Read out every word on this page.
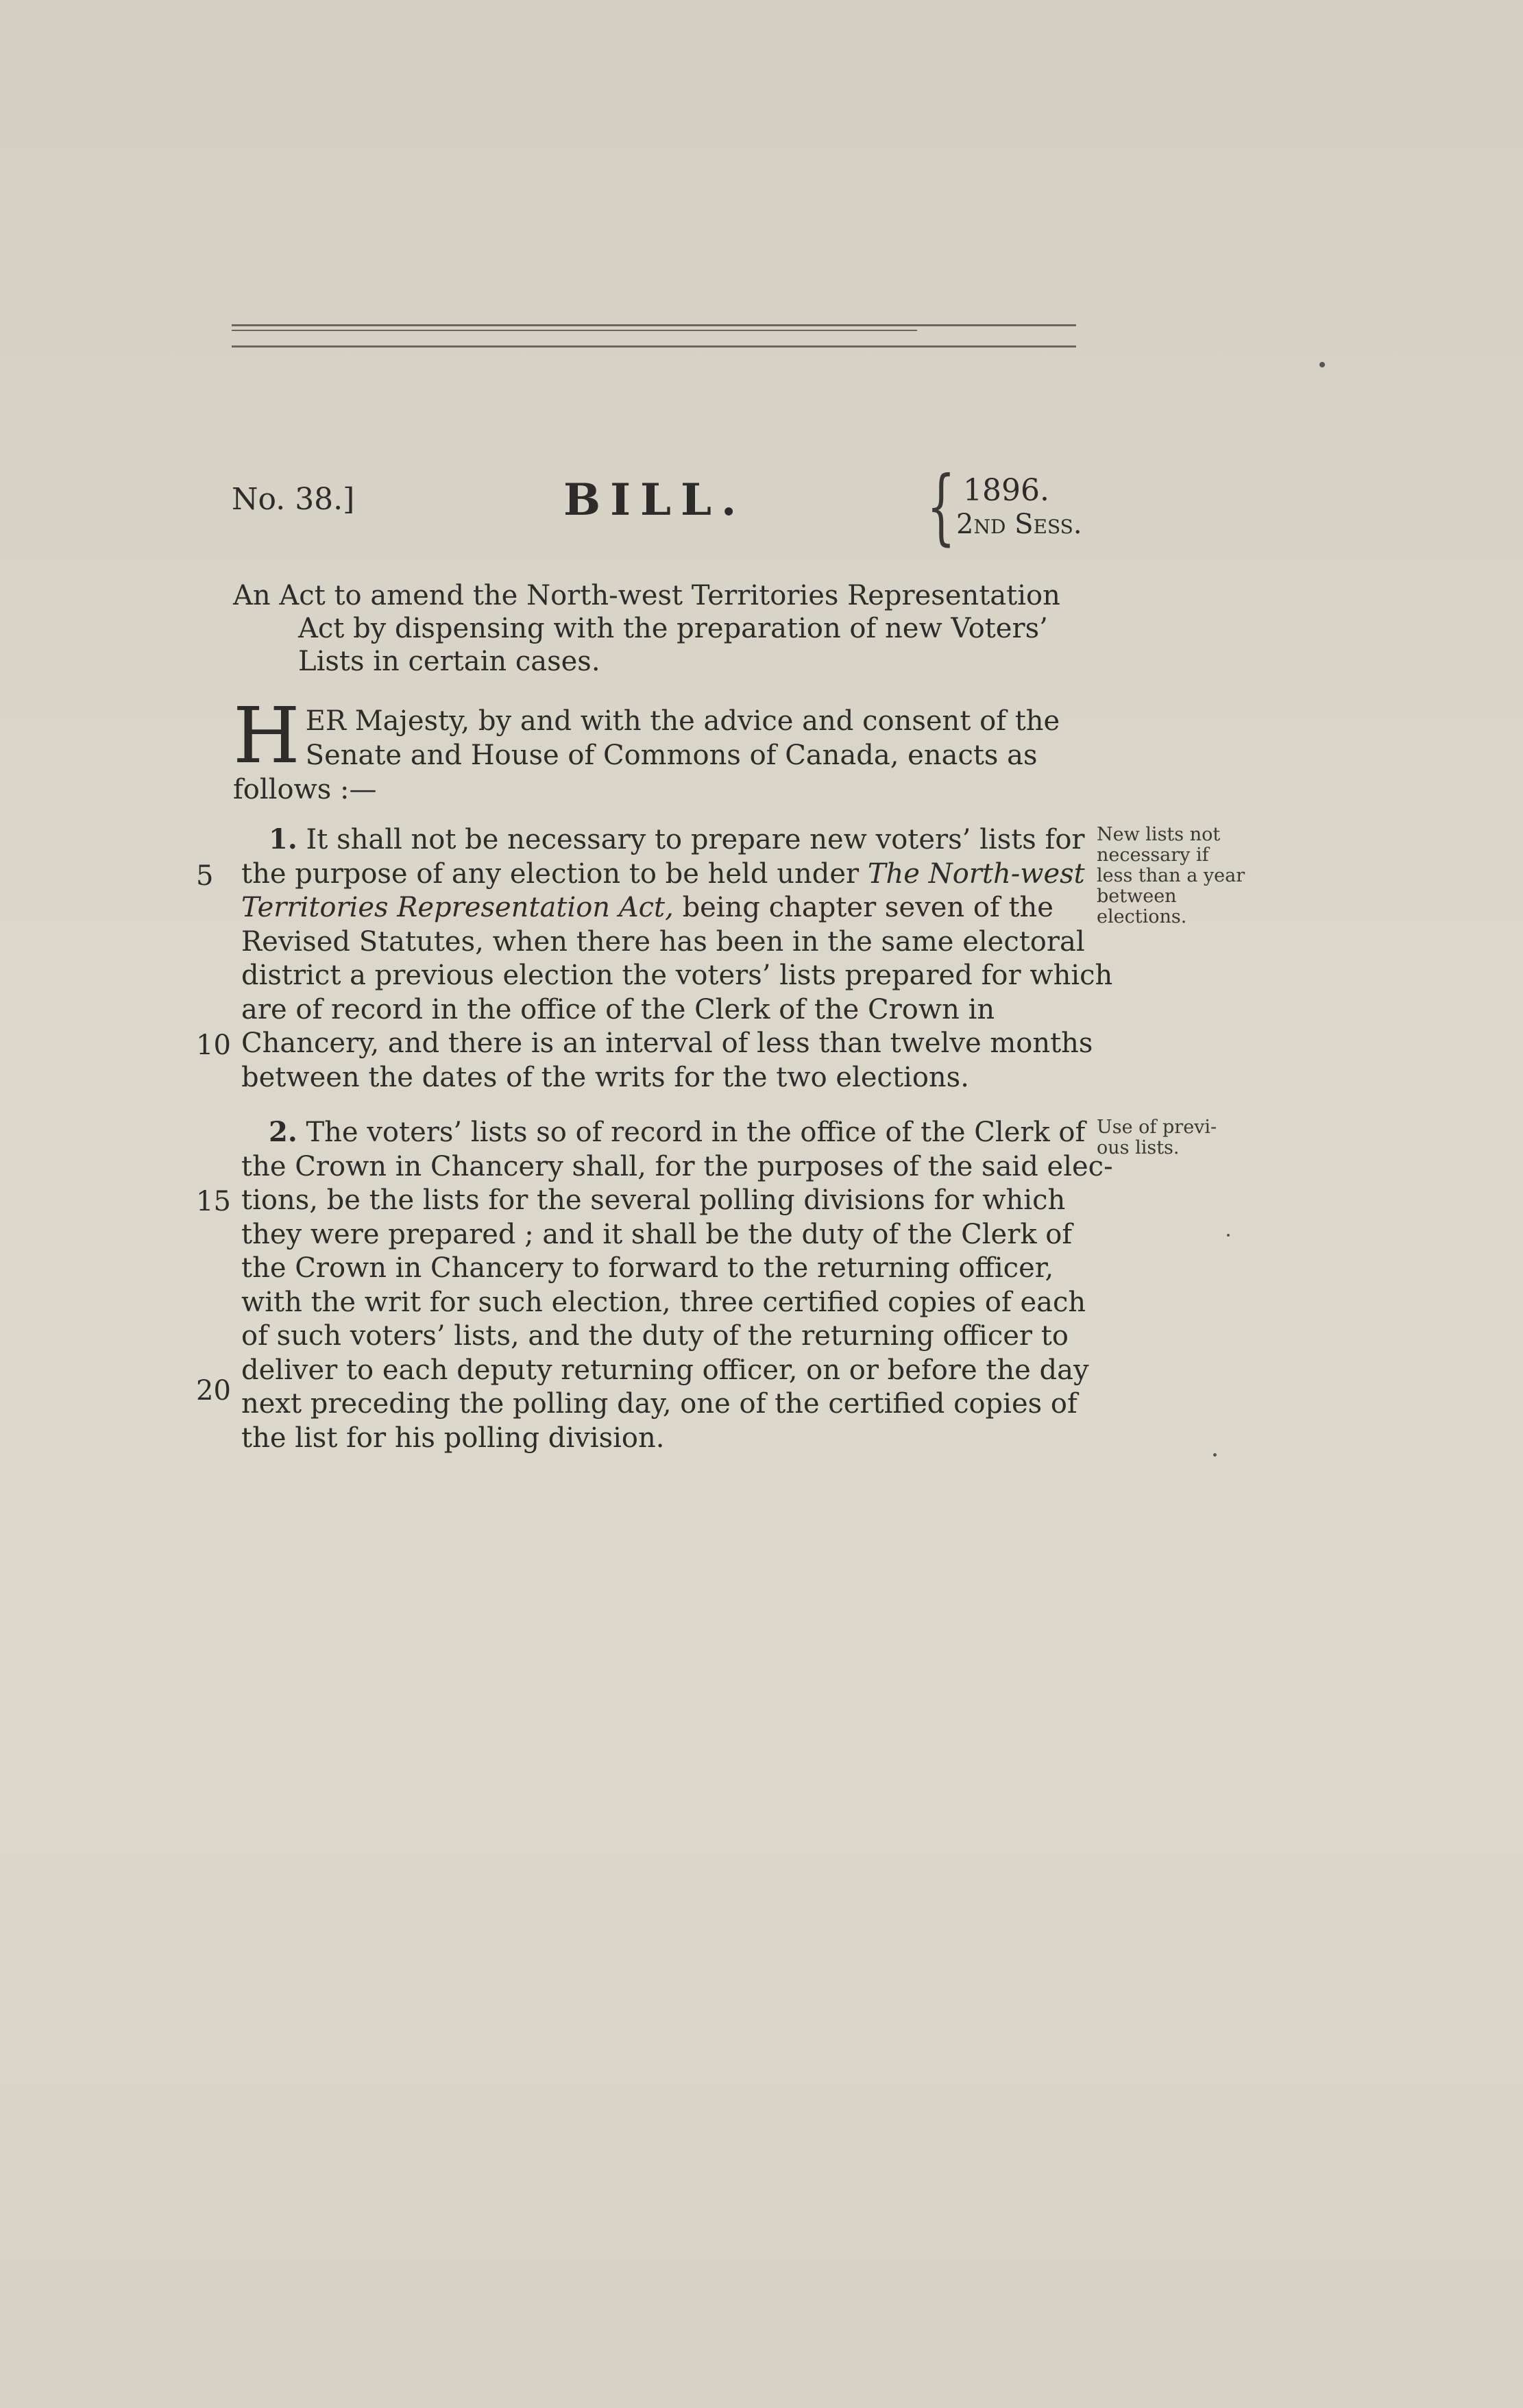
No. 38.]	BILL. { 1896.
2nd Sess.
An Act to amend the North-west Territories Representation
Act by dispensing with the preparation of new Voters’
Lists in certain cases.
H ER Majesty, by and with the advice and consent of the
Senate and House of Commons of Canada, enacts as
follows :—
1. It shall not be necessary to prepare new voters’ lists for
the purpose of any election to be held under The North-west
Territories Representation Act, being chapter seven of the
Revised Statutes, when there has been in the same electoral
district a previous election the voters’ lists prepared for which
are of record in the office of the Clerk of the Crown in
Chancery, and there is an interval of less than twelve months
between the dates of the writs for the two elections.
New lists not necessary if less than a year between elections.
2. The voters’ lists so of record in the office of the Clerk of
the Crown in Chancery shall, for the purposes of the said elec-
tions, be the lists for the several polling divisions for which
they were prepared ; and it shall be the duty of the Clerk of
the Crown in Chancery to forward to the returning officer,
with the writ for such election, three certified copies of each
of such voters’ lists, and the duty of the returning officer to
deliver to each deputy returning officer, on or before the day
next preceding the polling day, one of the certified copies of
the list for his polling division.
Use of previ- ous lists.
5
10
15
20
